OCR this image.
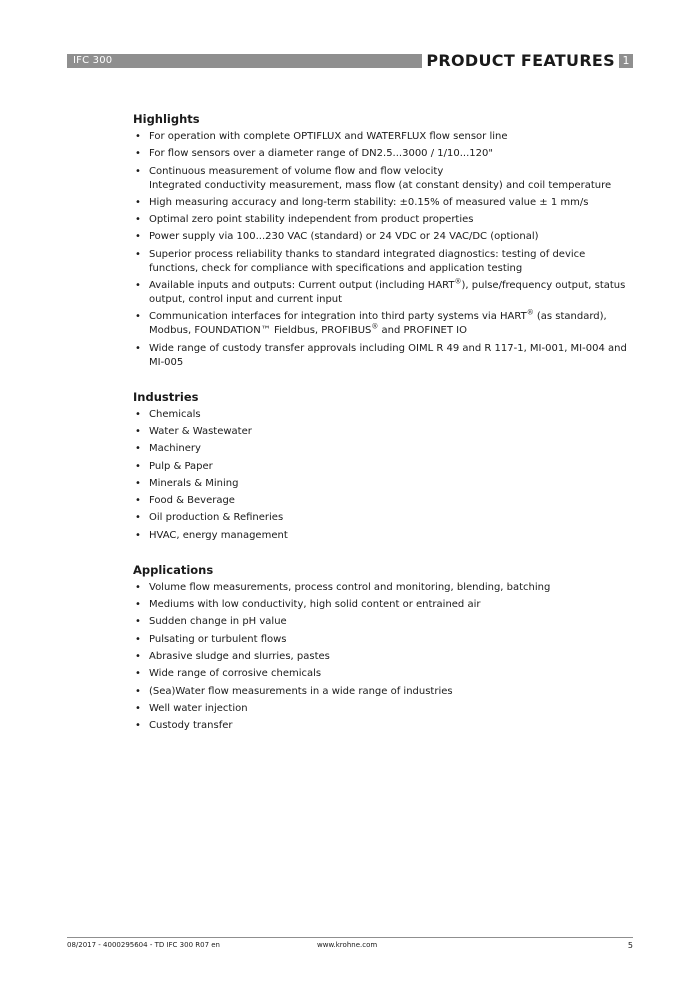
IFC 300	PRODUCT FEATURES 1
Highlights
• For operation with complete OPTIFLUX and WATERFLUX flow sensor line
• For flow sensors over a diameter range of DN2.5...3000 / 1/10...120"
• Continuous measurement of volume flow and flow velocity
Integrated conductivity measurement, mass flow (at constant density) and coil temperature
• High measuring accuracy and long-term stability: ±0.15% of measured value ± 1 mm/s
• Optimal zero point stability independent from product properties
• Power supply via 100...230 VAC (standard) or 24 VDC or 24 VAC/DC (optional)
• Superior process reliability thanks to standard integrated diagnostics: testing of device functions, check for compliance with specifications and application testing
• Available inputs and outputs: Current output (including HART®), pulse/frequency output, status output, control input and current input
• Communication interfaces for integration into third party systems via HART® (as standard), Modbus, FOUNDATION™ Fieldbus, PROFIBUS® and PROFINET IO
• Wide range of custody transfer approvals including OIML R 49 and R 117-1, MI-001, MI-004 and MI-005
Industries
• Chemicals
• Water & Wastewater
• Machinery
• Pulp & Paper
• Minerals & Mining
• Food & Beverage
• Oil production & Refineries
• HVAC, energy management
Applications
• Volume flow measurements, process control and monitoring, blending, batching
• Mediums with low conductivity, high solid content or entrained air
• Sudden change in pH value
• Pulsating or turbulent flows
• Abrasive sludge and slurries, pastes
• Wide range of corrosive chemicals
• (Sea)Water flow measurements in a wide range of industries
• Well water injection
• Custody transfer
08/2017 - 4000295604 - TD IFC 300 R07 en	www.krohne.com	5
